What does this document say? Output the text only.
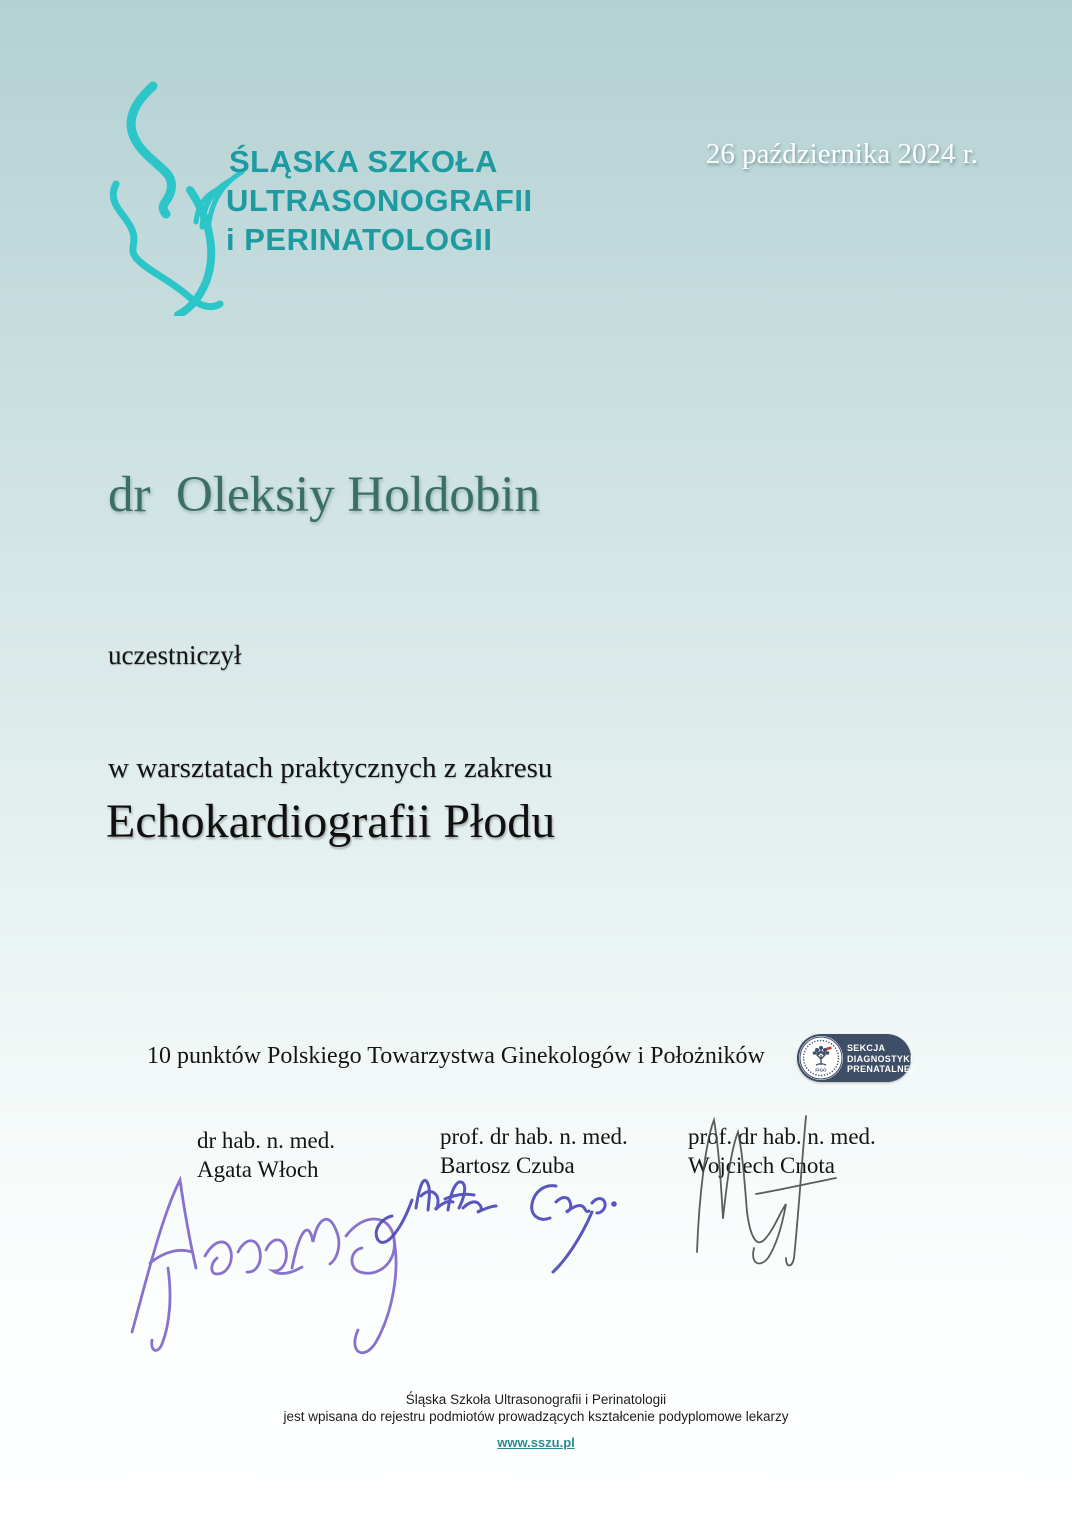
ŚLĄSKA SZKOŁA
ULTRASONOGRAFII
i PERINATOLOGII
26 października 2024 r.
dr  Oleksiy Holdobin
uczestniczył
w warsztatach praktycznych z zakresu
Echokardiografii Płodu
10 punktów Polskiego Towarzystwa Ginekologów i Położników
FIGO
SEKCJA
DIAGNOSTYKI
PRENATALNEJ
dr hab. n. med.
Agata Włoch
prof. dr hab. n. med.
Bartosz Czuba
prof. dr hab. n. med.
Wojciech Cnota
Śląska Szkoła Ultrasonografii i Perinatologii
jest wpisana do rejestru podmiotów prowadzących kształcenie podyplomowe lekarzy
www.sszu.pl
